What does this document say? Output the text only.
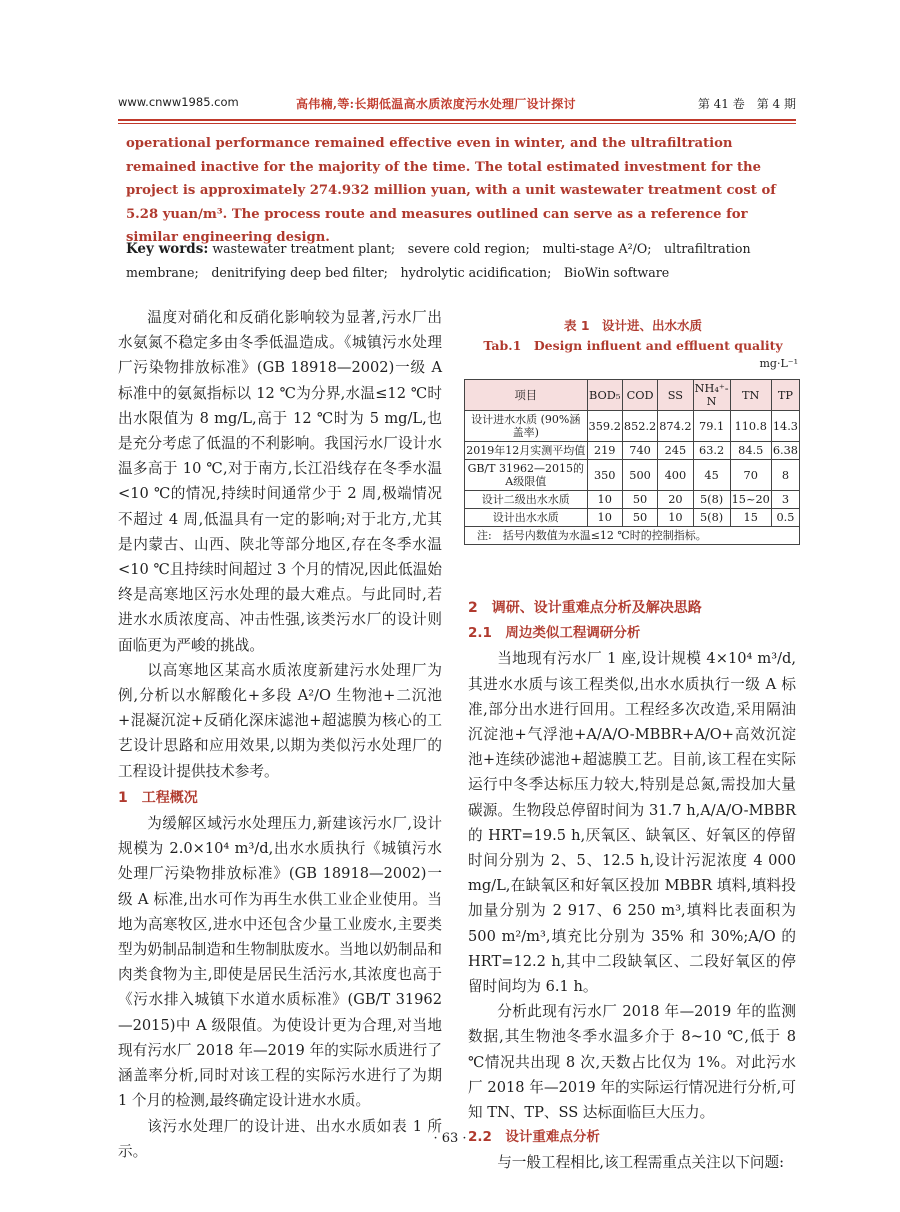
www.cnww1985.com	高伟楠,等:长期低温高水质浓度污水处理厂设计探讨	第 41 卷　第 4 期
operational performance remained effective even in winter, and the ultrafiltration remained inactive for the majority of the time. The total estimated investment for the project is approximately 274.932 million yuan, with a unit wastewater treatment cost of 5.28 yuan/m³. The process route and measures outlined can serve as a reference for similar engineering design.
Key words: wastewater treatment plant;　severe cold region;　multi-stage A²/O;　ultrafiltration membrane;　denitrifying deep bed filter;　hydrolytic acidification;　BioWin software

温度对硝化和反硝化影响较为显著,污水厂出水氨氮不稳定多由冬季低温造成。《城镇污水处理厂污染物排放标准》(GB 18918—2002)一级 A 标准中的氨氮指标以 12 ℃为分界,水温≤12 ℃时出水限值为 8 mg/L,高于 12 ℃时为 5 mg/L,也是充分考虑了低温的不利影响。我国污水厂设计水温多高于 10 ℃,对于南方,长江沿线存在冬季水温<10 ℃的情况,持续时间通常少于 2 周,极端情况不超过 4 周,低温具有一定的影响;对于北方,尤其是内蒙古、山西、陕北等部分地区,存在冬季水温<10 ℃且持续时间超过 3 个月的情况,因此低温始终是高寒地区污水处理的最大难点。与此同时,若进水水质浓度高、冲击性强,该类污水厂的设计则面临更为严峻的挑战。

以高寒地区某高水质浓度新建污水处理厂为例,分析以水解酸化+多段 A²/O 生物池+二沉池+混凝沉淀+反硝化深床滤池+超滤膜为核心的工艺设计思路和应用效果,以期为类似污水处理厂的工程设计提供技术参考。

1　工程概况

为缓解区域污水处理压力,新建该污水厂,设计规模为 2.0×10⁴ m³/d,出水水质执行《城镇污水处理厂污染物排放标准》(GB 18918—2002)一级 A 标准,出水可作为再生水供工业企业使用。当地为高寒牧区,进水中还包含少量工业废水,主要类型为奶制品制造和生物制肽废水。当地以奶制品和肉类食物为主,即使是居民生活污水,其浓度也高于《污水排入城镇下水道水质标准》(GB/T 31962—2015)中 A 级限值。为使设计更为合理,对当地现有污水厂 2018 年—2019 年的实际水质进行了涵盖率分析,同时对该工程的实际污水进行了为期 1 个月的检测,最终确定设计进水水质。

该污水处理厂的设计进、出水水质如表 1 所示。

表 1　设计进、出水水质
Tab.1　Design influent and effluent quality
mg·L⁻¹
项目	BOD₅	COD	SS	NH₄⁺-N	TN	TP
设计进水水质 (90%涵盖率)	359.2	852.2	874.2	79.1	110.8	14.3
2019年12月实测平均值	219	740	245	63.2	84.5	6.38
GB/T 31962—2015的 A级限值	350	500	400	45	70	8
设计二级出水水质	10	50	20	5(8)	15~20	3
设计出水水质	10	50	10	5(8)	15	0.5
注:　括号内数值为水温≤12 ℃时的控制指标。						

2　调研、设计重难点分析及解决思路

2.1　周边类似工程调研分析

当地现有污水厂 1 座,设计规模 4×10⁴ m³/d,其进水水质与该工程类似,出水水质执行一级 A 标准,部分出水进行回用。工程经多次改造,采用隔油沉淀池+气浮池+A/A/O-MBBR+A/O+高效沉淀池+连续砂滤池+超滤膜工艺。目前,该工程在实际运行中冬季达标压力较大,特别是总氮,需投加大量碳源。生物段总停留时间为 31.7 h,A/A/O-MBBR 的 HRT=19.5 h,厌氧区、缺氧区、好氧区的停留时间分别为 2、5、12.5 h,设计污泥浓度 4 000 mg/L,在缺氧区和好氧区投加 MBBR 填料,填料投加量分别为 2 917、6 250 m³,填料比表面积为 500 m²/m³,填充比分别为 35% 和 30%;A/O 的 HRT=12.2 h,其中二段缺氧区、二段好氧区的停留时间均为 6.1 h。

分析此现有污水厂 2018 年—2019 年的监测数据,其生物池冬季水温多介于 8~10 ℃,低于 8 ℃情况共出现 8 次,天数占比仅为 1%。对此污水厂 2018 年—2019 年的实际运行情况进行分析,可知 TN、TP、SS 达标面临巨大压力。

2.2　设计重难点分析

与一般工程相比,该工程需重点关注以下问题:

· 63 ·
